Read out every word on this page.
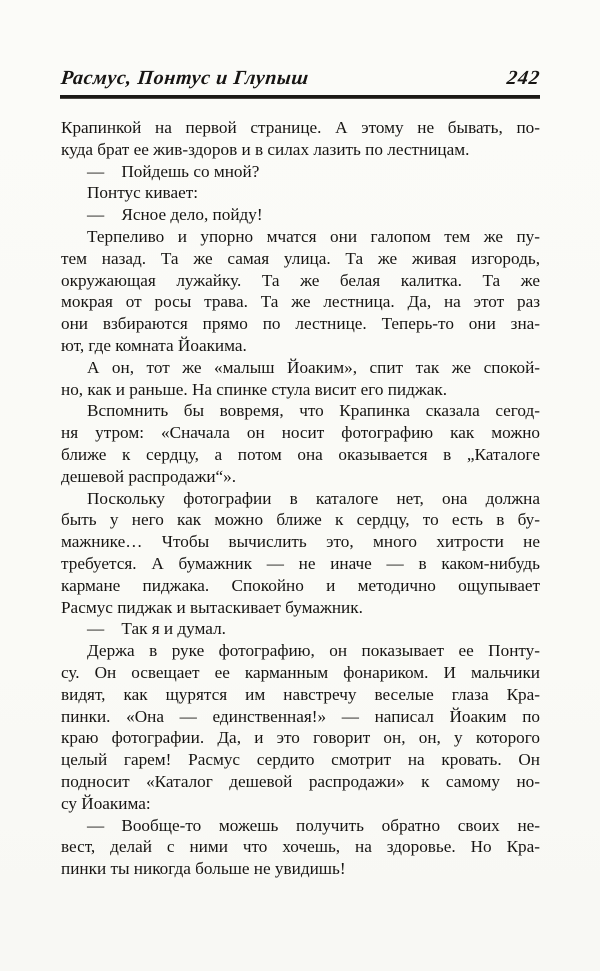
Расмус, Понтус и Глупыш	242
Крапинкой на первой странице. А этому не бывать, по-
куда брат ее жив-здоров и в силах лазить по лестницам.
— Пойдешь со мной?
Понтус кивает:
— Ясное дело, пойду!
Терпеливо и упорно мчатся они галопом тем же пу-
тем назад. Та же самая улица. Та же живая изгородь,
окружающая лужайку. Та же белая калитка. Та же
мокрая от росы трава. Та же лестница. Да, на этот раз
они взбираются прямо по лестнице. Теперь-то они зна-
ют, где комната Йоакима.
А он, тот же «малыш Йоаким», спит так же спокой-
но, как и раньше. На спинке стула висит его пиджак.
Вспомнить бы вовремя, что Крапинка сказала сегод-
ня утром: «Сначала он носит фотографию как можно
ближе к сердцу, а потом она оказывается в „Каталоге
дешевой распродажи“».
Поскольку фотографии в каталоге нет, она должна
быть у него как можно ближе к сердцу, то есть в бу-
мажнике… Чтобы вычислить это, много хитрости не
требуется. А бумажник — не иначе — в каком-нибудь
кармане пиджака. Спокойно и методично ощупывает
Расмус пиджак и вытаскивает бумажник.
— Так я и думал.
Держа в руке фотографию, он показывает ее Понту-
су. Он освещает ее карманным фонариком. И мальчики
видят, как щурятся им навстречу веселые глаза Кра-
пинки. «Она — единственная!» — написал Йоаким по
краю фотографии. Да, и это говорит он, он, у которого
целый гарем! Расмус сердито смотрит на кровать. Он
подносит «Каталог дешевой распродажи» к самому но-
су Йоакима:
— Вообще-то можешь получить обратно своих не-
вест, делай с ними что хочешь, на здоровье. Но Кра-
пинки ты никогда больше не увидишь!
